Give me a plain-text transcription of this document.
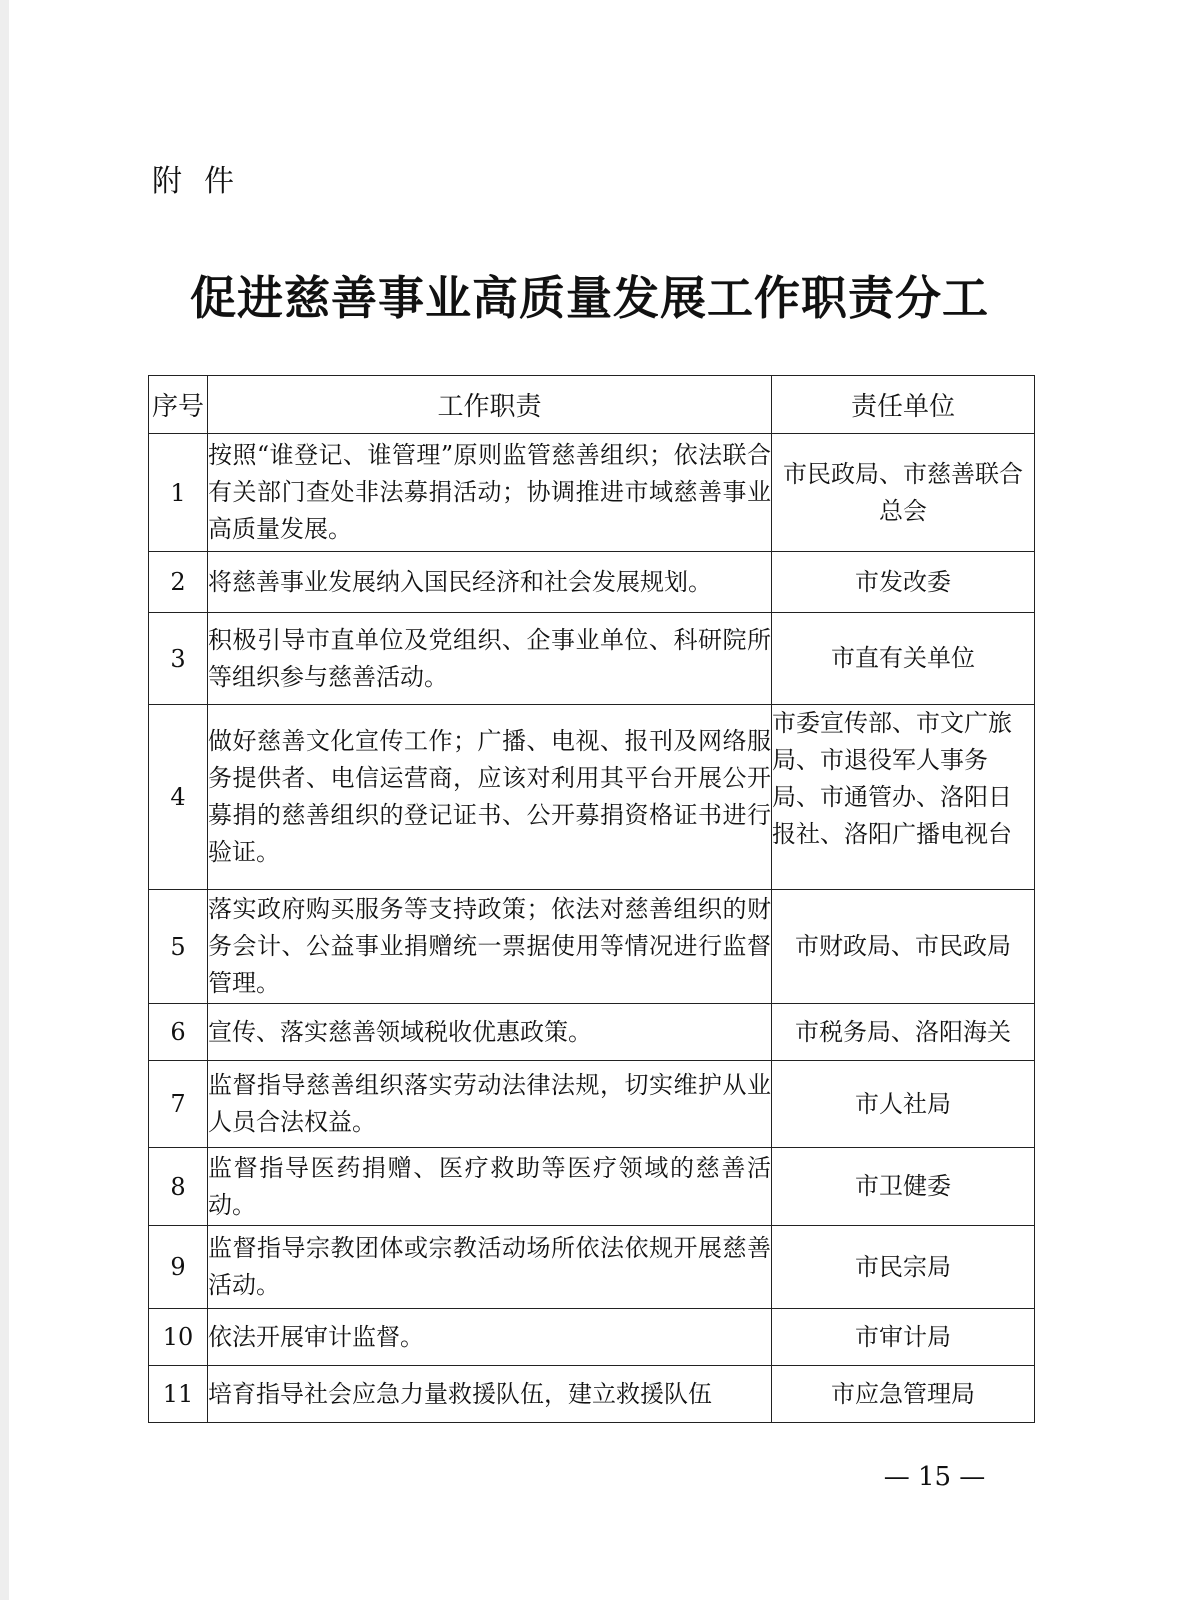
附件
促进慈善事业高质量发展工作职责分工
序号	工作职责	责任单位
1	按照“谁登记、谁管理”原则监管慈善组织；依法联合有关部门查处非法募捐活动；协调推进市域慈善事业高质量发展。	市民政局、市慈善联合总会
2	将慈善事业发展纳入国民经济和社会发展规划。	市发改委
3	积极引导市直单位及党组织、企事业单位、科研院所等组织参与慈善活动。	市直有关单位
4	做好慈善文化宣传工作；广播、电视、报刊及网络服务提供者、电信运营商，应该对利用其平台开展公开募捐的慈善组织的登记证书、公开募捐资格证书进行验证。	市委宣传部、市文广旅局、市退役军人事务局、市通管办、洛阳日报社、洛阳广播电视台
5	落实政府购买服务等支持政策；依法对慈善组织的财务会计、公益事业捐赠统一票据使用等情况进行监督管理。	市财政局、市民政局
6	宣传、落实慈善领域税收优惠政策。	市税务局、洛阳海关
7	监督指导慈善组织落实劳动法律法规，切实维护从业人员合法权益。	市人社局
8	监督指导医药捐赠、医疗救助等医疗领域的慈善活动。	市卫健委
9	监督指导宗教团体或宗教活动场所依法依规开展慈善活动。	市民宗局
10	依法开展审计监督。	市审计局
11	培育指导社会应急力量救援队伍，建立救援队伍	市应急管理局
— 15 —
